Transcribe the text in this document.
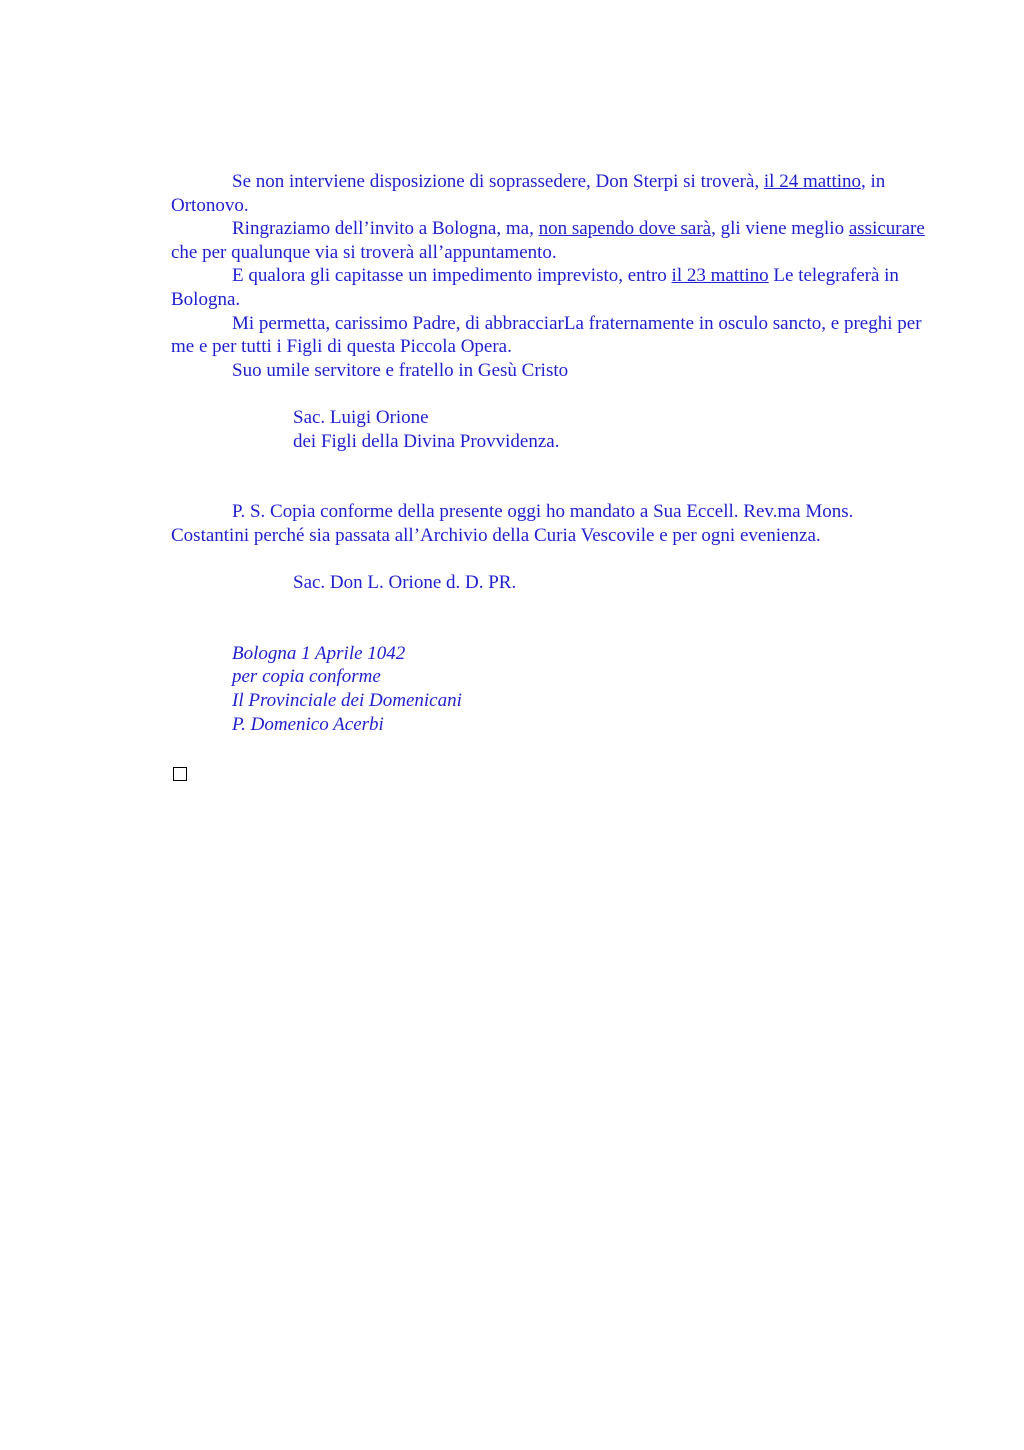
Se non interviene disposizione di soprassedere, Don Sterpi si troverà, il 24 mattino, in Ortonovo.

Ringraziamo dell’invito a Bologna, ma, non sapendo dove sarà, gli viene meglio assicurare che per qualunque via si troverà all’appuntamento.

E qualora gli capitasse un impedimento imprevisto, entro il 23 mattino Le telegraferà in Bologna.

Mi permetta, carissimo Padre, di abbracciarLa fraternamente in osculo sancto, e preghi per me e per tutti i Figli di questa Piccola Opera.

Suo umile servitore e fratello in Gesù Cristo

Sac. Luigi Orione

dei Figli della Divina Provvidenza.

P. S. Copia conforme della presente oggi ho mandato a Sua Eccell. Rev.ma Mons. Costantini perché sia passata all’Archivio della Curia Vescovile e per ogni evenienza.

Sac. Don L. Orione d. D. PR.

Bologna 1 Aprile 1042

per copia conforme

Il Provinciale dei Domenicani

P. Domenico Acerbi
